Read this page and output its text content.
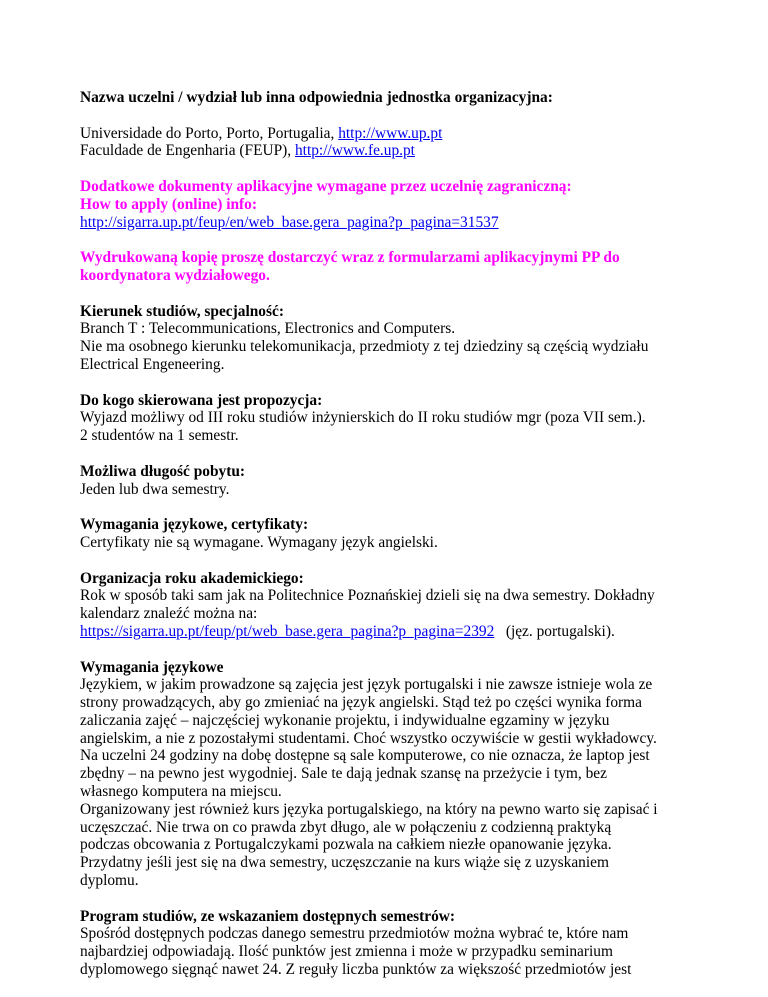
Nazwa uczelni / wydział lub inna odpowiednia jednostka organizacyjna:

Universidade do Porto, Porto, Portugalia, http://www.up.pt
Faculdade de Engenharia (FEUP), http://www.fe.up.pt
Dodatkowe dokumenty aplikacyjne wymagane przez uczelnię zagraniczną:
How to apply (online) info:
http://sigarra.up.pt/feup/en/web_base.gera_pagina?p_pagina=31537
Wydrukowaną kopię proszę dostarczyć wraz z formularzami aplikacyjnymi PP do
koordynatora wydziałowego.
Kierunek studiów, specjalność:
Branch T : Telecommunications, Electronics and Computers.
Nie ma osobnego kierunku telekomunikacja, przedmioty z tej dziedziny są częścią wydziału
Electrical Engeneering.
Do kogo skierowana jest propozycja:
Wyjazd możliwy od III roku studiów inżynierskich do II roku studiów mgr (poza VII sem.).
2 studentów na 1 semestr.
Możliwa długość pobytu:
Jeden lub dwa semestry.
Wymagania językowe, certyfikaty:
Certyfikaty nie są wymagane. Wymagany język angielski.
Organizacja roku akademickiego:
Rok w sposób taki sam jak na Politechnice Poznańskiej dzieli się na dwa semestry. Dokładny
kalendarz znaleźć można na:
https://sigarra.up.pt/feup/pt/web_base.gera_pagina?p_pagina=2392   (jęz. portugalski).
Wymagania językowe
Językiem, w jakim prowadzone są zajęcia jest język portugalski i nie zawsze istnieje wola ze
strony prowadzących, aby go zmieniać na język angielski. Stąd też po części wynika forma
zaliczania zajęć – najczęściej wykonanie projektu, i indywidualne egzaminy w języku
angielskim, a nie z pozostałymi studentami. Choć wszystko oczywiście w gestii wykładowcy.
Na uczelni 24 godziny na dobę dostępne są sale komputerowe, co nie oznacza, że laptop jest
zbędny – na pewno jest wygodniej. Sale te dają jednak szansę na przeżycie i tym, bez
własnego komputera na miejscu.
Organizowany jest również kurs języka portugalskiego, na który na pewno warto się zapisać i
uczęszczać. Nie trwa on co prawda zbyt długo, ale w połączeniu z codzienną praktyką
podczas obcowania z Portugalczykami pozwala na całkiem niezłe opanowanie języka.
Przydatny jeśli jest się na dwa semestry, uczęszczanie na kurs wiąże się z uzyskaniem
dyplomu.
Program studiów, ze wskazaniem dostępnych semestrów:
Spośród dostępnych podczas danego semestru przedmiotów można wybrać te, które nam
najbardziej odpowiadają. Ilość punktów jest zmienna i może w przypadku seminarium
dyplomowego sięgnąć nawet 24. Z reguły liczba punktów za większość przedmiotów jest
